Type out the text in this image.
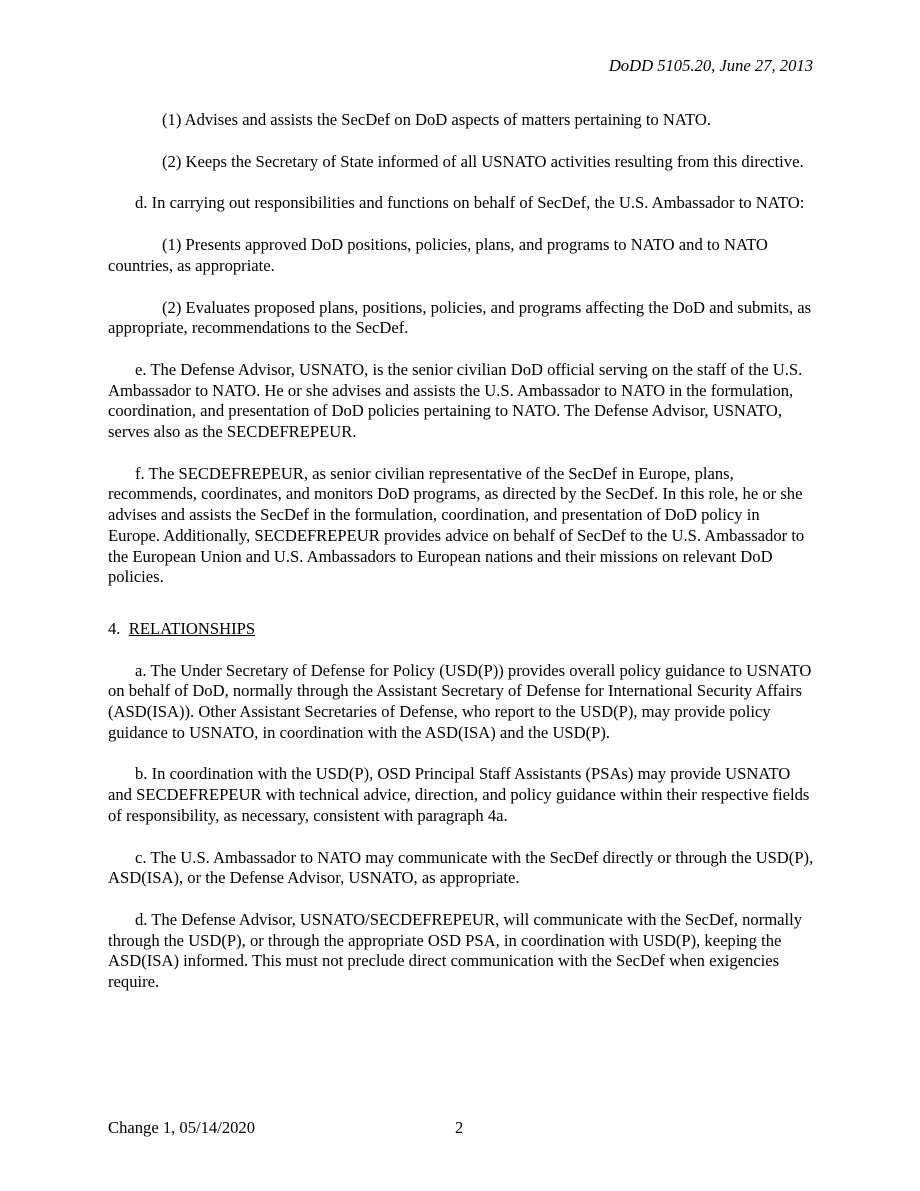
DoDD 5105.20, June 27, 2013

(1) Advises and assists the SecDef on DoD aspects of matters pertaining to NATO.

(2) Keeps the Secretary of State informed of all USNATO activities resulting from this directive.

d. In carrying out responsibilities and functions on behalf of SecDef, the U.S. Ambassador to NATO:

(1) Presents approved DoD positions, policies, plans, and programs to NATO and to NATO countries, as appropriate.

(2) Evaluates proposed plans, positions, policies, and programs affecting the DoD and submits, as appropriate, recommendations to the SecDef.

e. The Defense Advisor, USNATO, is the senior civilian DoD official serving on the staff of the U.S. Ambassador to NATO. He or she advises and assists the U.S. Ambassador to NATO in the formulation, coordination, and presentation of DoD policies pertaining to NATO. The Defense Advisor, USNATO, serves also as the SECDEFREPEUR.

f. The SECDEFREPEUR, as senior civilian representative of the SecDef in Europe, plans, recommends, coordinates, and monitors DoD programs, as directed by the SecDef. In this role, he or she advises and assists the SecDef in the formulation, coordination, and presentation of DoD policy in Europe. Additionally, SECDEFREPEUR provides advice on behalf of SecDef to the U.S. Ambassador to the European Union and U.S. Ambassadors to European nations and their missions on relevant DoD policies.

4. RELATIONSHIPS

a. The Under Secretary of Defense for Policy (USD(P)) provides overall policy guidance to USNATO on behalf of DoD, normally through the Assistant Secretary of Defense for International Security Affairs (ASD(ISA)). Other Assistant Secretaries of Defense, who report to the USD(P), may provide policy guidance to USNATO, in coordination with the ASD(ISA) and the USD(P).

b. In coordination with the USD(P), OSD Principal Staff Assistants (PSAs) may provide USNATO and SECDEFREPEUR with technical advice, direction, and policy guidance within their respective fields of responsibility, as necessary, consistent with paragraph 4a.

c. The U.S. Ambassador to NATO may communicate with the SecDef directly or through the USD(P), ASD(ISA), or the Defense Advisor, USNATO, as appropriate.

d. The Defense Advisor, USNATO/SECDEFREPEUR, will communicate with the SecDef, normally through the USD(P), or through the appropriate OSD PSA, in coordination with USD(P), keeping the ASD(ISA) informed. This must not preclude direct communication with the SecDef when exigencies require.

Change 1, 05/14/2020	2
